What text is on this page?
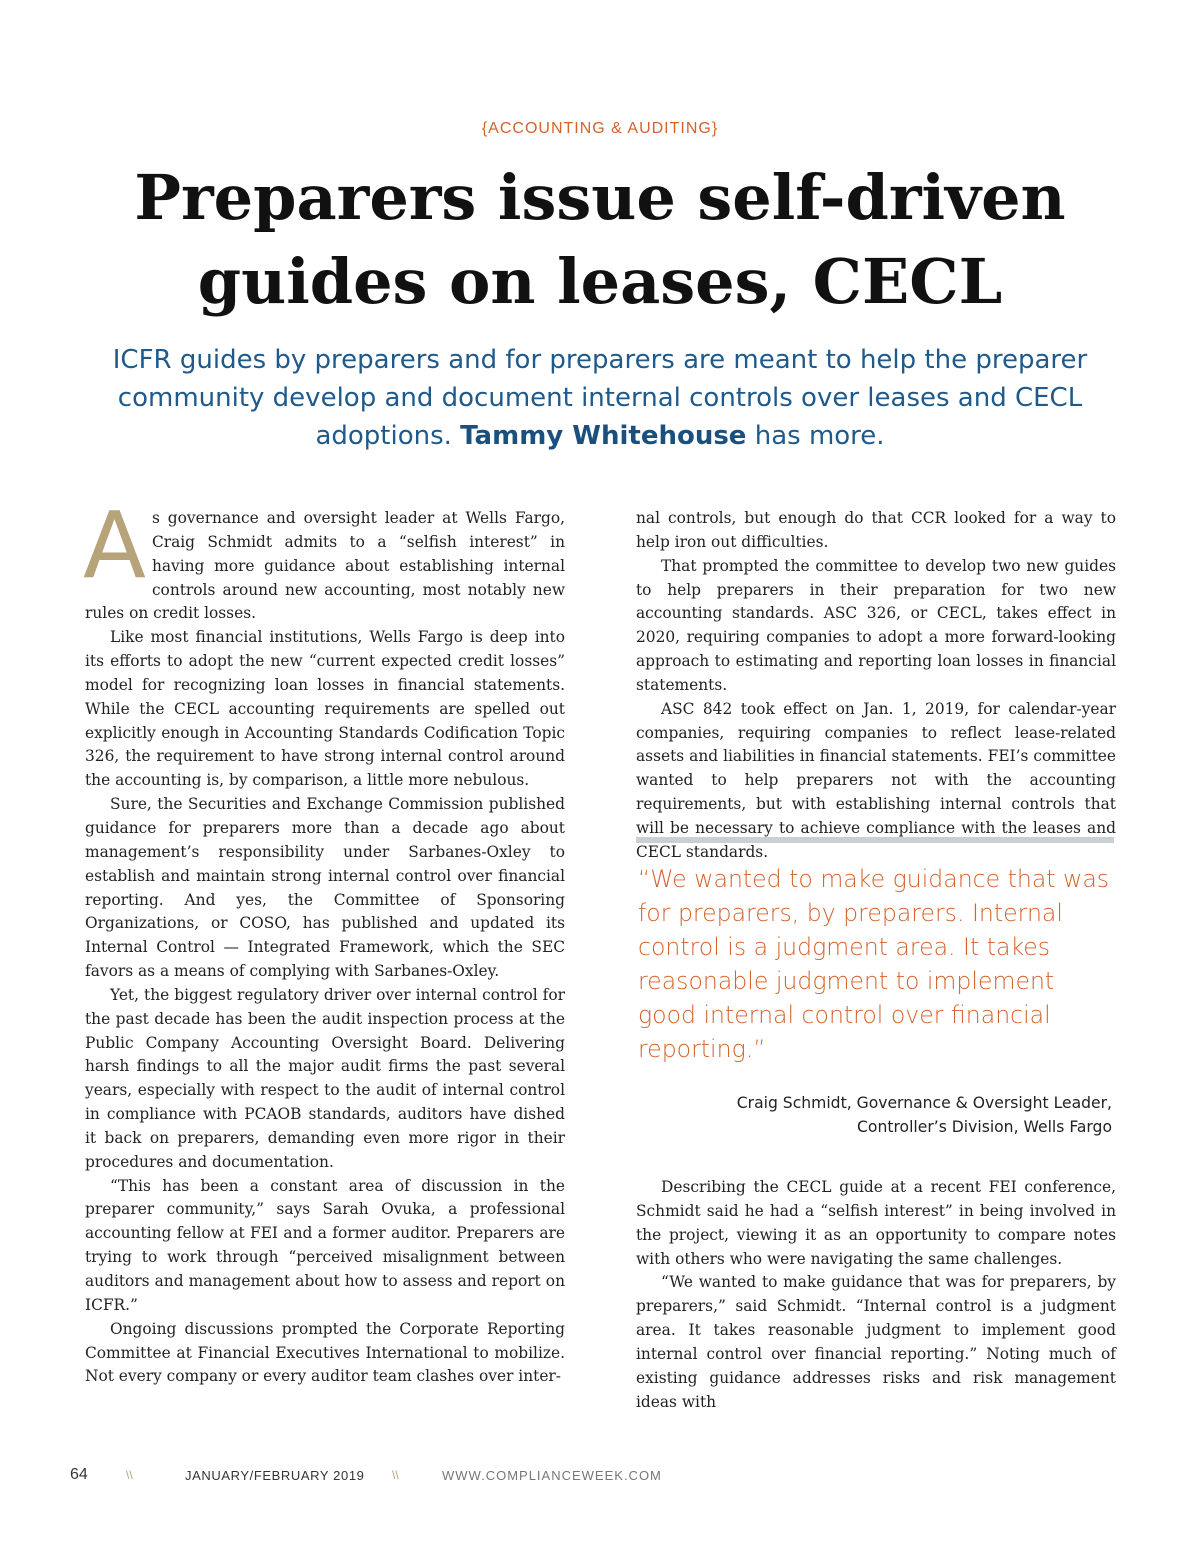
{ACCOUNTING & AUDITING}
Preparers issue self-driven guides on leases, CECL

ICFR guides by preparers and for preparers are meant to help the preparer community develop and document internal controls over leases and CECL adoptions. Tammy Whitehouse has more.

As governance and oversight leader at Wells Fargo, Craig Schmidt admits to a “selfish interest” in having more guidance about establishing internal controls around new accounting, most notably new rules on credit losses.

Like most financial institutions, Wells Fargo is deep into its efforts to adopt the new “current expected credit losses” model for recognizing loan losses in financial statements. While the CECL accounting requirements are spelled out explicitly enough in Accounting Standards Codification Topic 326, the requirement to have strong internal control around the accounting is, by comparison, a little more nebulous.

Sure, the Securities and Exchange Commission published guidance for preparers more than a decade ago about management’s responsibility under Sarbanes-Oxley to establish and maintain strong internal control over financial reporting. And yes, the Committee of Sponsoring Organizations, or COSO, has published and updated its Internal Control — Integrated Framework, which the SEC favors as a means of complying with Sarbanes-Oxley.

Yet, the biggest regulatory driver over internal control for the past decade has been the audit inspection process at the Public Company Accounting Oversight Board. Delivering harsh findings to all the major audit firms the past several years, especially with respect to the audit of internal control in compliance with PCAOB standards, auditors have dished it back on preparers, demanding even more rigor in their procedures and documentation.

“This has been a constant area of discussion in the preparer community,” says Sarah Ovuka, a professional accounting fellow at FEI and a former auditor. Preparers are trying to work through “perceived misalignment between auditors and management about how to assess and report on ICFR.”

Ongoing discussions prompted the Corporate Reporting Committee at Financial Executives International to mobilize. Not every company or every auditor team clashes over inter-

nal controls, but enough do that CCR looked for a way to help iron out difficulties.

That prompted the committee to develop two new guides to help preparers in their preparation for two new accounting standards. ASC 326, or CECL, takes effect in 2020, requiring companies to adopt a more forward-looking approach to estimating and reporting loan losses in financial statements.

ASC 842 took effect on Jan. 1, 2019, for calendar-year companies, requiring companies to reflect lease-related assets and liabilities in financial statements. FEI’s committee wanted to help preparers not with the accounting requirements, but with establishing internal controls that will be necessary to achieve compliance with the leases and CECL standards.

“We wanted to make guidance that was for preparers, by preparers. Internal control is a judgment area. It takes reasonable judgment to implement good internal control over financial reporting.”

Craig Schmidt, Governance & Oversight Leader,
Controller’s Division, Wells Fargo

Describing the CECL guide at a recent FEI conference, Schmidt said he had a “selfish interest” in being involved in the project, viewing it as an opportunity to compare notes with others who were navigating the same challenges.

“We wanted to make guidance that was for preparers, by preparers,” said Schmidt. “Internal control is a judgment area. It takes reasonable judgment to implement good internal control over financial reporting.” Noting much of existing guidance addresses risks and risk management ideas with

64	\\	JANUARY/FEBRUARY 2019 \\	WWW.COMPLIANCEWEEK.COM
